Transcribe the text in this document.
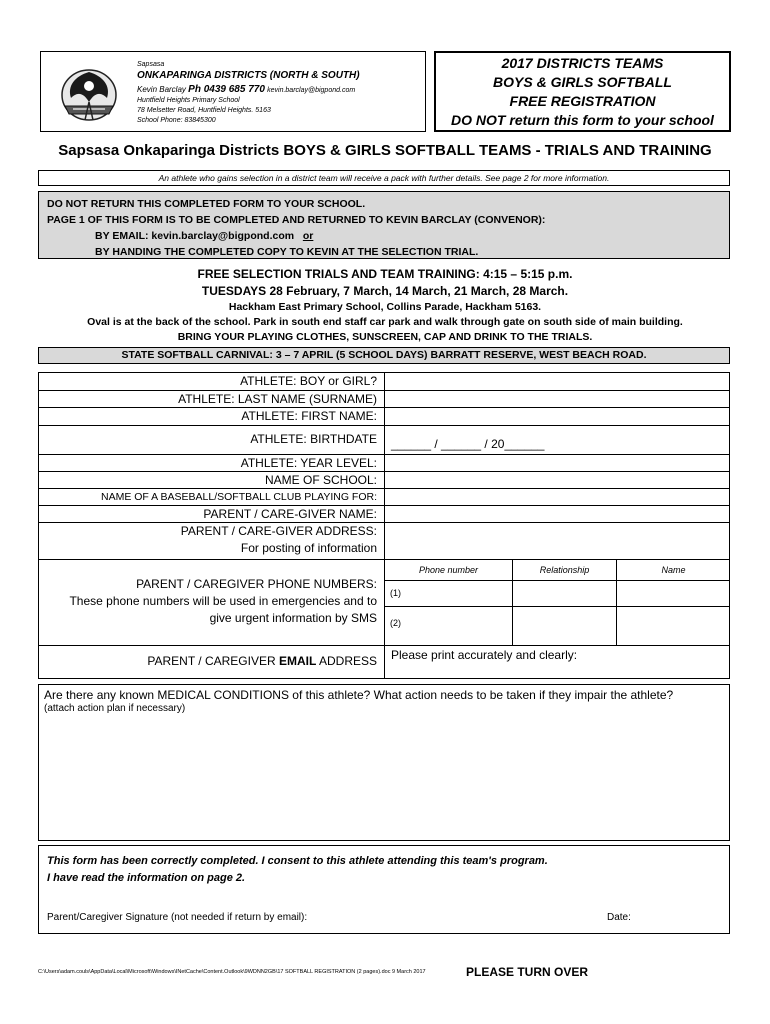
Sapsasa
ONKAPARINGA DISTRICTS (NORTH & SOUTH)
Kevin Barclay Ph 0439 685 770 kevin.barclay@bigpond.com
Huntfield Heights Primary School
78 Melsetter Road, Huntfield Heights. 5163
School Phone: 83845300
2017 DISTRICTS TEAMS
BOYS & GIRLS SOFTBALL
FREE REGISTRATION
DO NOT return this form to your school
Sapsasa Onkaparinga Districts BOYS & GIRLS SOFTBALL TEAMS - TRIALS AND TRAINING
An athlete who gains selection in a district team will receive a pack with further details. See page 2 for more information.
DO NOT RETURN THIS COMPLETED FORM TO YOUR SCHOOL.
PAGE 1 OF THIS FORM IS TO BE COMPLETED AND RETURNED TO KEVIN BARCLAY (CONVENOR):
BY EMAIL: kevin.barclay@bigpond.com or
BY HANDING THE COMPLETED COPY TO KEVIN AT THE SELECTION TRIAL.
FREE SELECTION TRIALS AND TEAM TRAINING: 4:15 – 5:15 p.m.
TUESDAYS 28 February, 7 March, 14 March, 21 March, 28 March.
Hackham East Primary School, Collins Parade, Hackham 5163.
Oval is at the back of the school. Park in south end staff car park and walk through gate on south side of main building.
BRING YOUR PLAYING CLOTHES, SUNSCREEN, CAP AND DRINK TO THE TRIALS.
STATE SOFTBALL CARNIVAL: 3 – 7 APRIL (5 SCHOOL DAYS) BARRATT RESERVE, WEST BEACH ROAD.
ATHLETE: BOY or GIRL?
ATHLETE: LAST NAME (SURNAME)
ATHLETE: FIRST NAME:
ATHLETE: BIRTHDATE	______ / ______ / 20______
ATHLETE: YEAR LEVEL:
NAME OF SCHOOL:
NAME OF A BASEBALL/SOFTBALL CLUB PLAYING FOR:
PARENT / CARE-GIVER NAME:
PARENT / CARE-GIVER ADDRESS:
For posting of information
PARENT / CAREGIVER PHONE NUMBERS:
These phone numbers will be used in emergencies and to
give urgent information by SMS
Phone number	Relationship	Name
(1)
(2)
PARENT / CAREGIVER EMAIL ADDRESS	Please print accurately and clearly:
Are there any known MEDICAL CONDITIONS of this athlete? What action needs to be taken if they impair the athlete?
(attach action plan if necessary)
This form has been correctly completed. I consent to this athlete attending this team's program.
I have read the information on page 2.
Parent/Caregiver Signature (not needed if return by email):	Date:
C:\Users\adam.couls\AppData\Local\Microsoft\Windows\INetCache\Content.Outlook\9WDNN2GB\17 SOFTBALL REGISTRATION (2 pages).doc 9 March 2017	PLEASE TURN OVER
